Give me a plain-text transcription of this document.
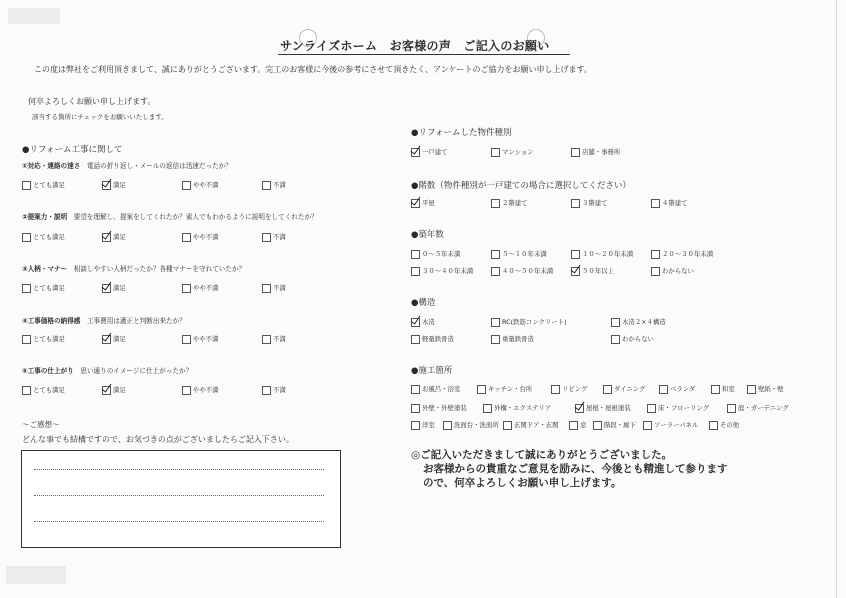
サンライズホーム　お客様の声　ご記入のお願い
この度は弊社をご利用頂きまして、誠にありがとうございます。完工のお客様に今後の参考にさせて頂きたく、アンケートのご協力をお願い申し上げます。
何卒よろしくお願い申し上げます。
該当する箇所にチェックをお願いいたします。
●リフォーム工事に関して
①対応・連絡の速さ　 電話の折り返し・メールの返信は迅速だったか？
とても満足	満足	やや不満	不満
②提案力・説明　 要望を理解し、提案をしてくれたか？素人でもわかるように説明をしてくれたか？
とても満足	満足	やや不満	不満
③人柄・マナー　 相談しやすい人柄だったか？各種マナーを守れていたか？
とても満足	満足	やや不満	不満
④工事価格の納得感　 工事費用は適正と判断出来たか？
とても満足	満足	やや不満	不満
⑤工事の仕上がり　 思い通りのイメージに仕上がったか？
とても満足	満足	やや不満	不満
〜ご感想〜
どんな事でも結構ですので、お気づきの点がございましたらご記入下さい。
●リフォームした物件種別
一戸建て	マンション	店舗・事務所
●階数（物件種別が一戸建ての場合に選択してください）
平屋	２階建て	３階建て	４階建て
●築年数
０〜５年未満	５〜１０年未満	１０〜２０年未満	２０〜３０年未満
３０〜４０年未満	４０〜５０年未満	５０年以上	わからない
●構造
木造	RC(鉄筋コンクリート)	木造２×４構造
軽量鉄骨造	重量鉄骨造	わからない
●施工箇所
お風呂・浴室	キッチン・台所	リビング	ダイニング	ベランダ	和室	壁紙・壁
外壁・外壁塗装	外構・エクステリア	屋根・屋根塗装	床・フローリング	庭・ガーデニング
洋室	洗面台・洗面所 玄関ドア・玄関	窓	階段・廊下	ソーラーパネル	その他
◎ご記入いただきまして誠にありがとうございました。
お客様からの貴重なご意見を励みに、今後とも精進して参ります
ので、何卒よろしくお願い申し上げます。
